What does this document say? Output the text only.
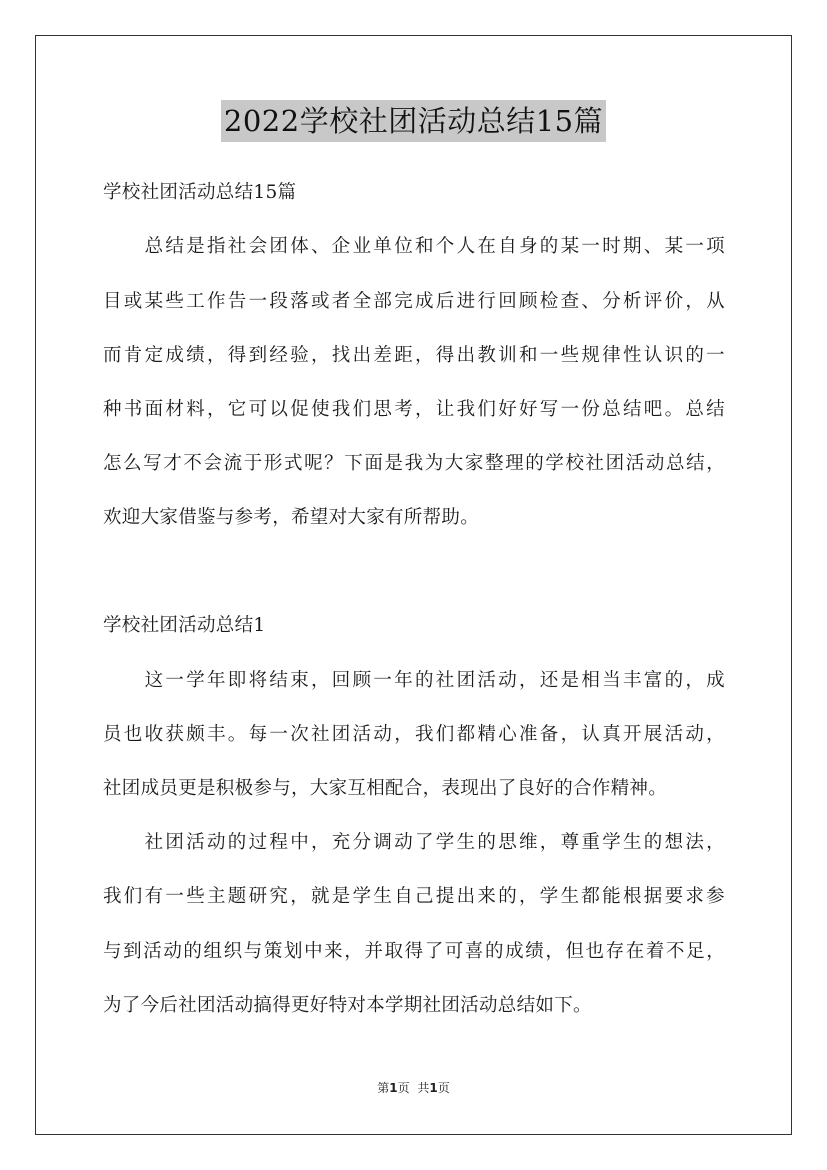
2022学校社团活动总结15篇
学校社团活动总结15篇
　　总结是指社会团体、企业单位和个人在自身的某一时期、某一项
目或某些工作告一段落或者全部完成后进行回顾检查、分析评价，从
而肯定成绩，得到经验，找出差距，得出教训和一些规律性认识的一
种书面材料，它可以促使我们思考，让我们好好写一份总结吧。总结
怎么写才不会流于形式呢？下面是我为大家整理的学校社团活动总结，
欢迎大家借鉴与参考，希望对大家有所帮助。
学校社团活动总结1
　　这一学年即将结束，回顾一年的社团活动，还是相当丰富的，成
员也收获颇丰。每一次社团活动，我们都精心准备，认真开展活动，
社团成员更是积极参与，大家互相配合，表现出了良好的合作精神。
　　社团活动的过程中，充分调动了学生的思维，尊重学生的想法，
我们有一些主题研究，就是学生自己提出来的，学生都能根据要求参
与到活动的组织与策划中来，并取得了可喜的成绩，但也存在着不足，
为了今后社团活动搞得更好特对本学期社团活动总结如下。
第1页 共1页
